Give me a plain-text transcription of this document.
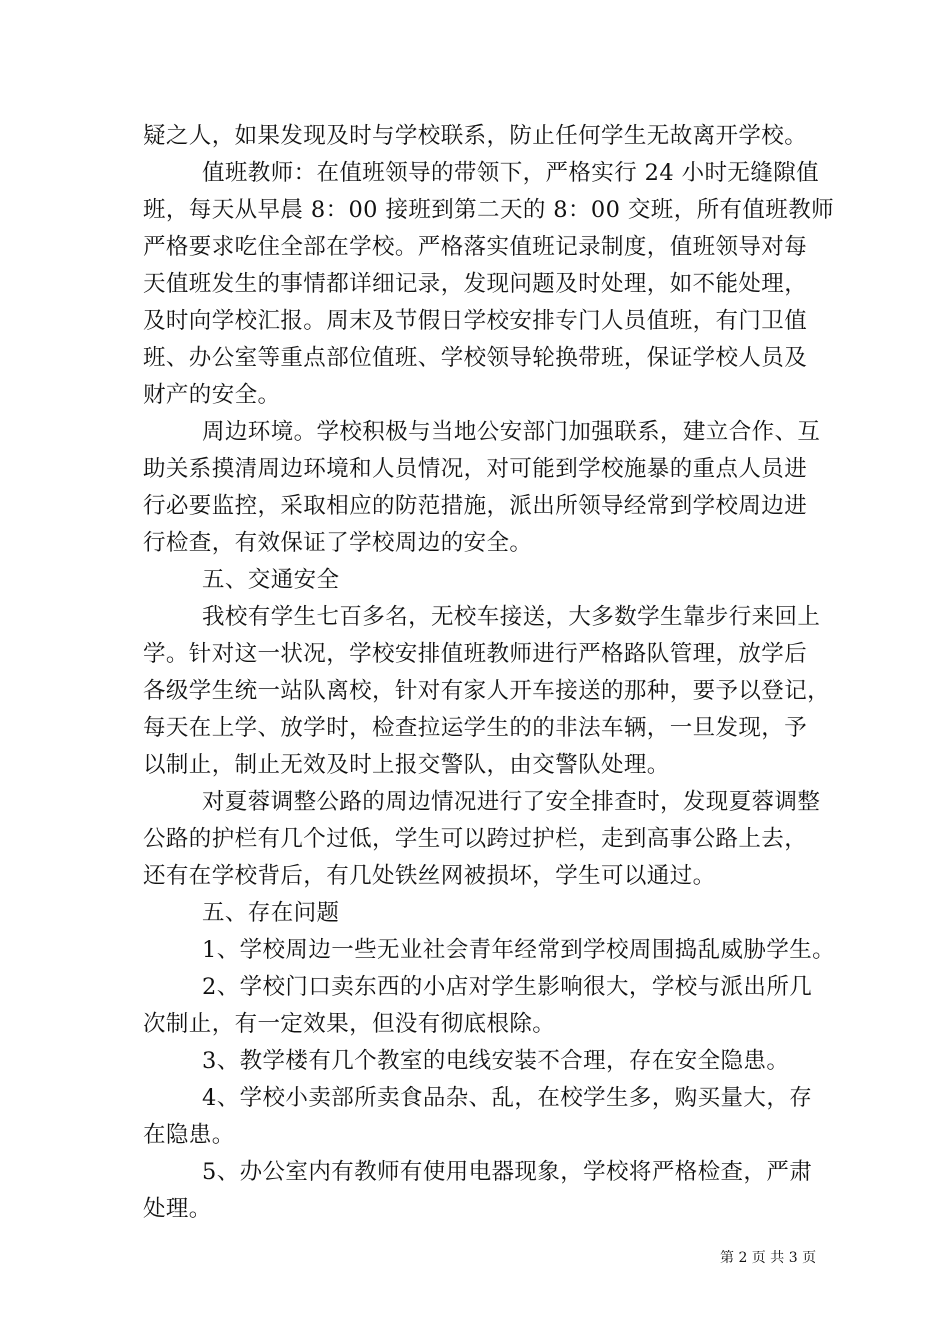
疑之人，如果发现及时与学校联系，防止任何学生无故离开学校。
值班教师：在值班领导的带领下，严格实行 24 小时无缝隙值
班，每天从早晨 8：00 接班到第二天的 8：00 交班，所有值班教师
严格要求吃住全部在学校。严格落实值班记录制度，值班领导对每
天值班发生的事情都详细记录，发现问题及时处理，如不能处理，
及时向学校汇报。周末及节假日学校安排专门人员值班，有门卫值
班、办公室等重点部位值班、学校领导轮换带班，保证学校人员及
财产的安全。
周边环境。学校积极与当地公安部门加强联系，建立合作、互
助关系摸清周边环境和人员情况，对可能到学校施暴的重点人员进
行必要监控，采取相应的防范措施，派出所领导经常到学校周边进
行检查，有效保证了学校周边的安全。
五、交通安全
我校有学生七百多名，无校车接送，大多数学生靠步行来回上
学。针对这一状况，学校安排值班教师进行严格路队管理，放学后
各级学生统一站队离校，针对有家人开车接送的那种，要予以登记，
每天在上学、放学时，检查拉运学生的的非法车辆，一旦发现，予
以制止，制止无效及时上报交警队，由交警队处理。
对夏蓉调整公路的周边情况进行了安全排查时，发现夏蓉调整
公路的护栏有几个过低，学生可以跨过护栏，走到高事公路上去，
还有在学校背后，有几处铁丝网被损坏，学生可以通过。
五、存在问题
1、学校周边一些无业社会青年经常到学校周围捣乱威胁学生。
2、学校门口卖东西的小店对学生影响很大，学校与派出所几
次制止，有一定效果，但没有彻底根除。
3、教学楼有几个教室的电线安装不合理，存在安全隐患。
4、学校小卖部所卖食品杂、乱，在校学生多，购买量大，存
在隐患。
5、办公室内有教师有使用电器现象，学校将严格检查，严肃
处理。
第 2 页 共 3 页
